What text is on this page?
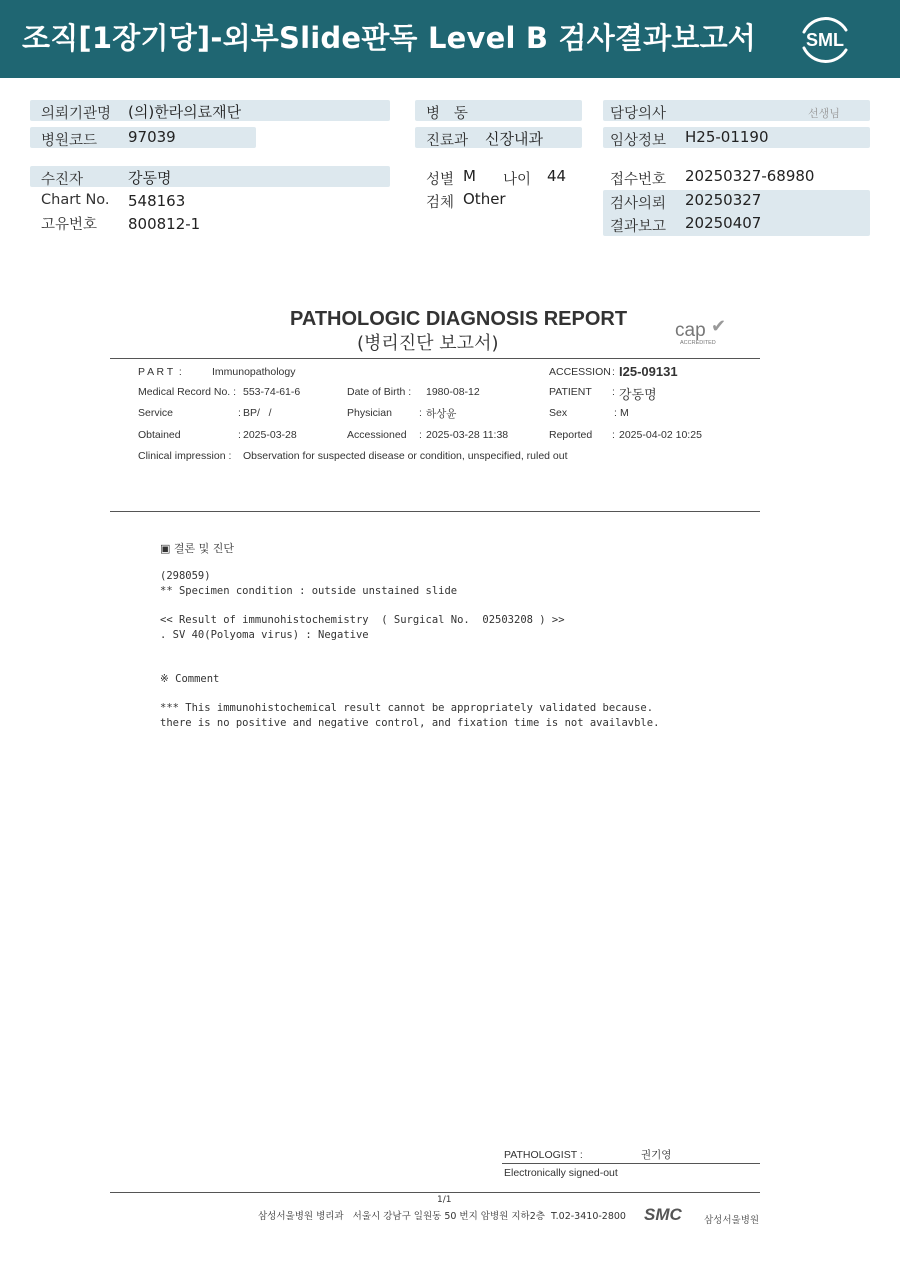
조직[1장기당]-외부Slide판독 Level B 검사결과보고서	SML
의뢰기관명 (의)한라의료재단
병원코드 97039
병   동
진료과 신장내과
담당의사	선생님
임상정보 H25-01190
수진자	강동명
Chart No. 548163
고유번호 800812-1
성별 M 나이 44
검체 Other
접수번호 20250327-68980
검사의뢰 20250327
결과보고 20250407
PATHOLOGIC DIAGNOSIS REPORT
(병리진단 보고서)
cap ✔
ACCREDITED
P A R T  :	Immunopathology	ACCESSION : I25-09131
Medical Record No. : 553-74-61-6	Date of Birth : 1980-08-12	PATIENT : 강동명
Service	: BP/   /	Physician	: 하상윤	Sex	: M
Obtained	: 2025-03-28	Accessioned : 2025-03-28 11:38	Reported : 2025-04-02 10:25
Clinical impression : Observation for suspected disease or condition, unspecified, ruled out
▣ 결론 및 진단
(298059)
** Specimen condition : outside unstained slide
<< Result of immunohistochemistry  ( Surgical No.  02503208 ) >>
. SV 40(Polyoma virus) : Negative
※ Comment
*** This immunohistochemical result cannot be appropriately validated because.
there is no positive and negative control, and fixation time is not availavble.
PATHOLOGIST :	권기영
Electronically signed-out
1/1
삼성서울병원 병리과   서울시 강남구 일원동 50 번지 암병원 지하2층  T.02-3410-2800 SMC 삼성서울병원
